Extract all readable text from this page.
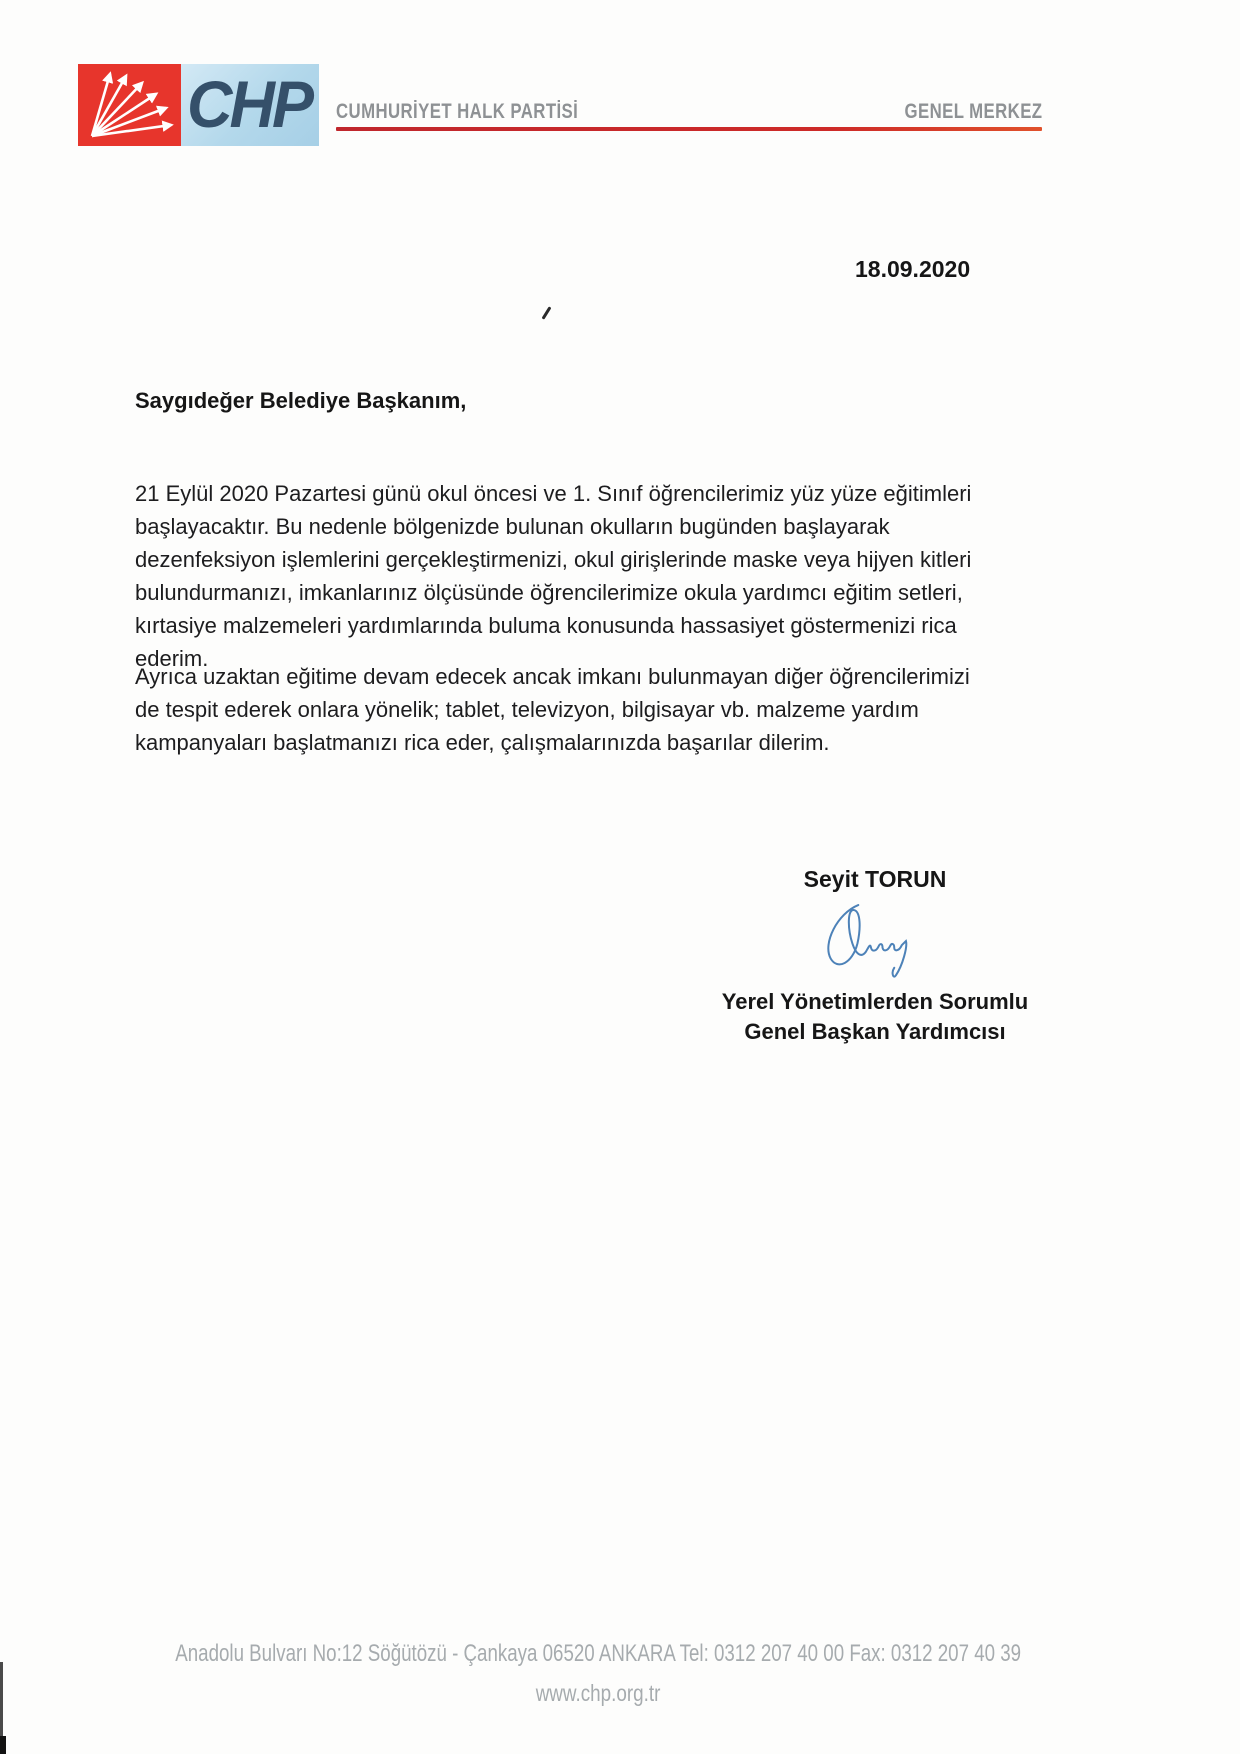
CHP CUMHURİYET HALK PARTİSİ	GENEL MERKEZ
18.09.2020
Saygıdeğer Belediye Başkanım,
21 Eylül 2020 Pazartesi günü okul öncesi ve 1. Sınıf öğrencilerimiz yüz yüze eğitimleri başlayacaktır. Bu nedenle bölgenizde bulunan okulların bugünden başlayarak dezenfeksiyon işlemlerini gerçekleştirmenizi, okul girişlerinde maske veya hijyen kitleri bulundurmanızı, imkanlarınız ölçüsünde öğrencilerimize okula yardımcı eğitim setleri, kırtasiye malzemeleri yardımlarında buluma konusunda hassasiyet göstermenizi rica ederim.
Ayrıca uzaktan eğitime devam edecek ancak imkanı bulunmayan diğer öğrencilerimizi de tespit ederek onlara yönelik; tablet, televizyon, bilgisayar vb. malzeme yardım kampanyaları başlatmanızı rica eder, çalışmalarınızda başarılar dilerim.
Seyit TORUN
Yerel Yönetimlerden Sorumlu
Genel Başkan Yardımcısı
Anadolu Bulvarı No:12 Söğütözü - Çankaya 06520 ANKARA Tel: 0312 207 40 00 Fax: 0312 207 40 39
www.chp.org.tr
